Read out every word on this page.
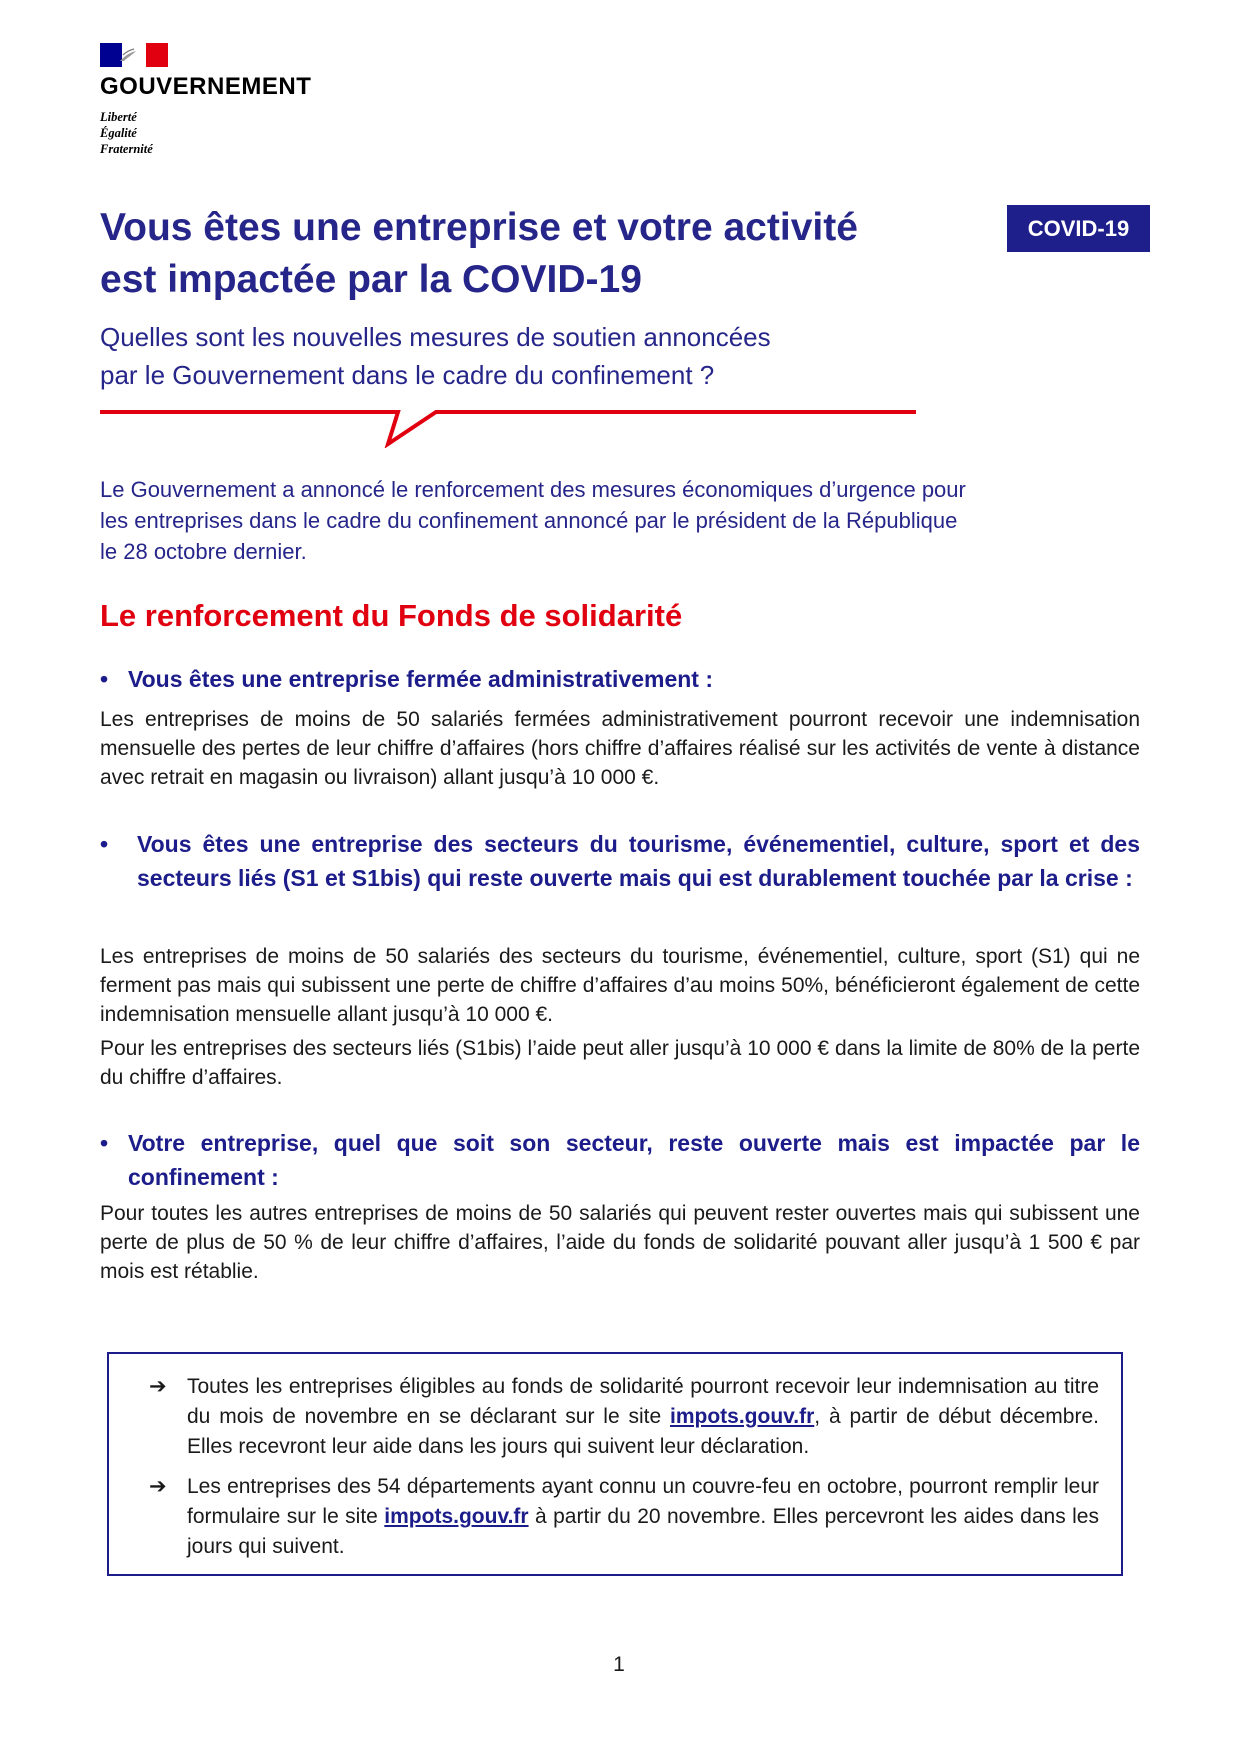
GOUVERNEMENT
Liberté
Égalité
Fraternité
Vous êtes une entreprise et votre activité
est impactée par la COVID-19
COVID-19
Quelles sont les nouvelles mesures de soutien annoncées
par le Gouvernement dans le cadre du confinement ?
Le Gouvernement a annoncé le renforcement des mesures économiques d’urgence pour
les entreprises dans le cadre du confinement annoncé par le président de la République
le 28 octobre dernier.
Le renforcement du Fonds de solidarité
• Vous êtes une entreprise fermée administrativement :

Les entreprises de moins de 50 salariés fermées administrativement pourront recevoir une indemnisation mensuelle des pertes de leur chiffre d’affaires (hors chiffre d’affaires réalisé sur les activités de vente à distance avec retrait en magasin ou livraison) allant jusqu’à 10 000 €.

•	Vous êtes une entreprise des secteurs du tourisme, événementiel, culture, sport et des secteurs liés (S1 et S1bis) qui reste ouverte mais qui est durablement touchée par la crise :

Les entreprises de moins de 50 salariés des secteurs du tourisme, événementiel, culture, sport (S1) qui ne ferment pas mais qui subissent une perte de chiffre d’affaires d’au moins 50%, bénéficieront également de cette indemnisation mensuelle allant jusqu’à 10 000 €.

Pour les entreprises des secteurs liés (S1bis) l’aide peut aller jusqu’à 10 000 € dans la limite de 80% de la perte du chiffre d’affaires.

• Votre entreprise, quel que soit son secteur, reste ouverte mais est impactée par le confinement :

Pour toutes les autres entreprises de moins de 50 salariés qui peuvent rester ouvertes mais qui subissent une perte de plus de 50 % de leur chiffre d’affaires, l’aide du fonds de solidarité pouvant aller jusqu’à 1 500 € par mois est rétablie.

➔ Toutes les entreprises éligibles au fonds de solidarité pourront recevoir leur indemnisation au titre du mois de novembre en se déclarant sur le site impots.gouv.fr, à partir de début décembre. Elles recevront leur aide dans les jours qui suivent leur déclaration.
➔ Les entreprises des 54 départements ayant connu un couvre-feu en octobre, pourront remplir leur formulaire sur le site impots.gouv.fr à partir du 20 novembre. Elles percevront les aides dans les jours qui suivent.
1
